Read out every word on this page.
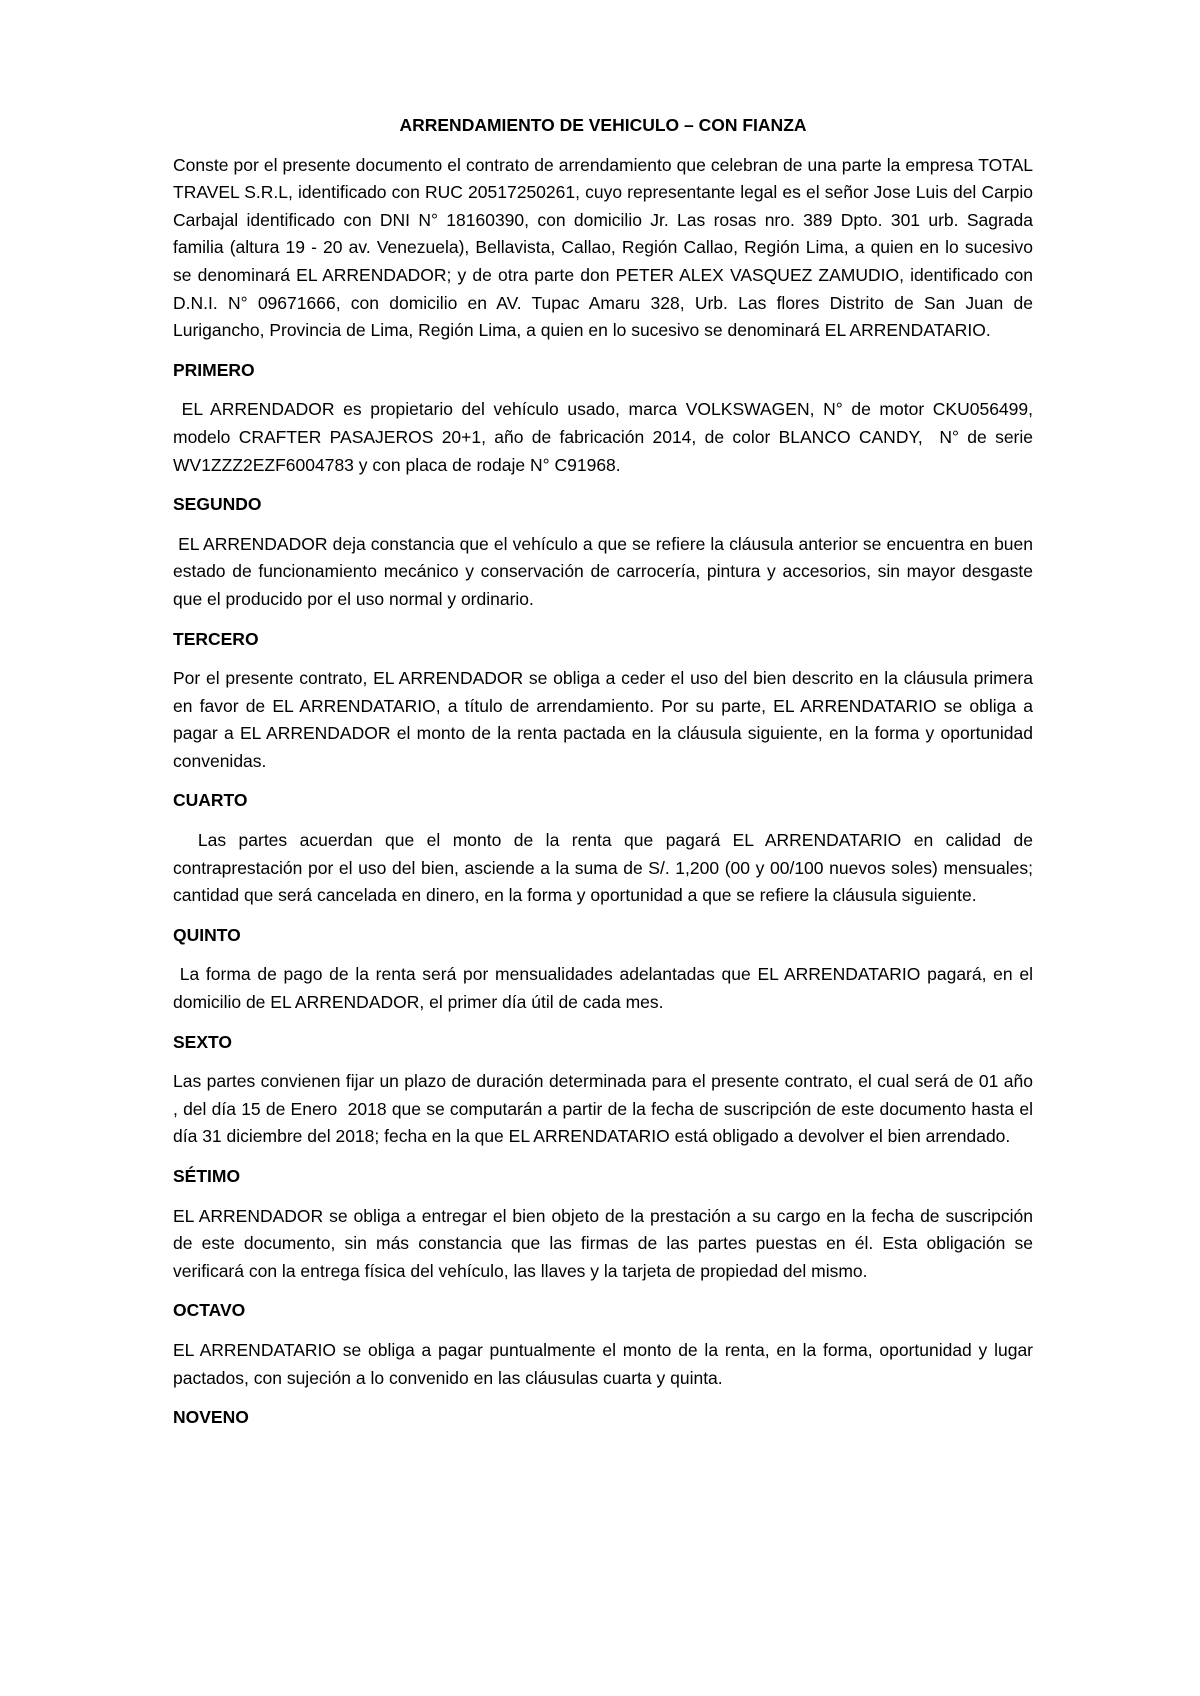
ARRENDAMIENTO DE VEHICULO – CON FIANZA

Conste por el presente documento el contrato de arrendamiento que celebran de una parte la empresa TOTAL TRAVEL S.R.L, identificado con RUC 20517250261, cuyo representante legal es el señor Jose Luis del Carpio Carbajal identificado con DNI N° 18160390, con domicilio Jr. Las rosas nro. 389 Dpto. 301 urb. Sagrada familia (altura 19 - 20 av. Venezuela), Bellavista, Callao, Región Callao, Región Lima, a quien en lo sucesivo se denominará EL ARRENDADOR; y de otra parte don PETER ALEX VASQUEZ ZAMUDIO, identificado con D.N.I. N° 09671666, con domicilio en AV. Tupac Amaru 328, Urb. Las flores Distrito de San Juan de Lurigancho, Provincia de Lima, Región Lima, a quien en lo sucesivo se denominará EL ARRENDATARIO.

PRIMERO

EL ARRENDADOR es propietario del vehículo usado, marca VOLKSWAGEN, N° de motor CKU056499, modelo CRAFTER PASAJEROS 20+1, año de fabricación 2014, de color BLANCO CANDY,  N° de serie WV1ZZZ2EZF6004783 y con placa de rodaje N° C91968.

SEGUNDO

EL ARRENDADOR deja constancia que el vehículo a que se refiere la cláusula anterior se encuentra en buen estado de funcionamiento mecánico y conservación de carrocería, pintura y accesorios, sin mayor desgaste que el producido por el uso normal y ordinario.

TERCERO

Por el presente contrato, EL ARRENDADOR se obliga a ceder el uso del bien descrito en la cláusula primera en favor de EL ARRENDATARIO, a título de arrendamiento. Por su parte, EL ARRENDATARIO se obliga a pagar a EL ARRENDADOR el monto de la renta pactada en la cláusula siguiente, en la forma y oportunidad convenidas.

CUARTO

Las partes acuerdan que el monto de la renta que pagará EL ARRENDATARIO en calidad de contraprestación por el uso del bien, asciende a la suma de S/. 1,200 (00 y 00/100 nuevos soles) mensuales; cantidad que será cancelada en dinero, en la forma y oportunidad a que se refiere la cláusula siguiente.

QUINTO

La forma de pago de la renta será por mensualidades adelantadas que EL ARRENDATARIO pagará, en el domicilio de EL ARRENDADOR, el primer día útil de cada mes.

SEXTO

Las partes convienen fijar un plazo de duración determinada para el presente contrato, el cual será de 01 año  , del día 15 de Enero  2018 que se computarán a partir de la fecha de suscripción de este documento hasta el día 31 diciembre del 2018; fecha en la que EL ARRENDATARIO está obligado a devolver el bien arrendado.

SÉTIMO

EL ARRENDADOR se obliga a entregar el bien objeto de la prestación a su cargo en la fecha de suscripción de este documento, sin más constancia que las firmas de las partes puestas en él. Esta obligación se verificará con la entrega física del vehículo, las llaves y la tarjeta de propiedad del mismo.

OCTAVO

EL ARRENDATARIO se obliga a pagar puntualmente el monto de la renta, en la forma, oportunidad y lugar pactados, con sujeción a lo convenido en las cláusulas cuarta y quinta.

NOVENO
